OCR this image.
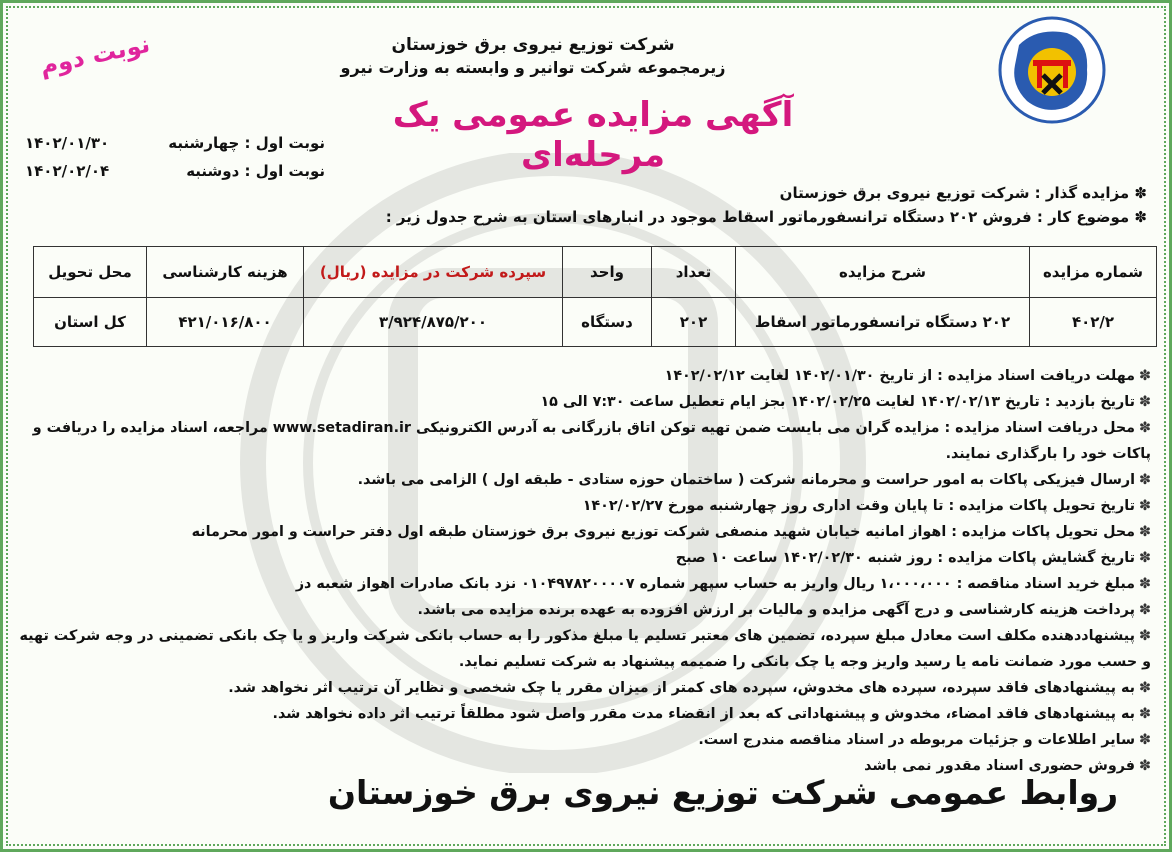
شرکت توزیع نیروی برق خوزستان
زیرمجموعه شرکت توانیر و وابسته به وزارت نیرو
آگهی مزایده عمومی یک مرحله‌ای
نوبت دوم
نوبت اول : چهارشنبه
۱۴۰۲/۰۱/۳۰
نوبت اول : دوشنبه
۱۴۰۲/۰۲/۰۴
✽ مزایده گذار : شرکت توزیع نیروی برق خوزستان
✽ موضوع کار : فروش ۲۰۲ دستگاه ترانسفورماتور اسقاط موجود در انبارهای استان به شرح جدول زیر :
شماره مزایده	شرح مزایده	تعداد	واحد	سپرده شرکت در مزایده (ریال)	هزینه کارشناسی	محل تحویل
۴۰۲/۲	۲۰۲ دستگاه ترانسفورماتور اسقاط	۲۰۲	دستگاه	۳/۹۲۴/۸۷۵/۲۰۰	۴۲۱/۰۱۶/۸۰۰	کل استان
✽مهلت دریافت اسناد مزایده : از تاریخ ۱۴۰۲/۰۱/۳۰ لغایت ۱۴۰۲/۰۲/۱۲
✽تاریخ بازدید : تاریخ ۱۴۰۲/۰۲/۱۳ لغایت ۱۴۰۲/۰۲/۲۵ بجز ایام تعطیل ساعت ۷:۳۰ الی ۱۵
✽محل دریافت اسناد مزایده : مزایده گران می بایست ضمن تهیه توکن اتاق بازرگانی به آدرس الکترونیکی www.setadiran.ir مراجعه، اسناد مزایده را دریافت و پاکات خود را بارگذاری نمایند.
✽ارسال فیزیکی پاکات به امور حراست و محرمانه شرکت ( ساختمان حوزه ستادی - طبقه اول ) الزامی می باشد.
✽تاریخ تحویل پاکات مزایده : تا پایان وقت اداری روز چهارشنبه مورخ ۱۴۰۲/۰۲/۲۷
✽محل تحویل پاکات مزایده : اهواز امانیه خیابان شهید منصفی شرکت توزیع نیروی برق خوزستان طبقه اول دفتر حراست و امور محرمانه
✽تاریخ گشایش پاکات مزایده : روز شنبه ۱۴۰۲/۰۲/۳۰ ساعت ۱۰ صبح
✽مبلغ خرید اسناد مناقصه : ۱،۰۰۰،۰۰۰ ریال واریز به حساب سپهر شماره ۰۱۰۴۹۷۸۲۰۰۰۰۷ نزد بانک صادرات اهواز شعبه دز
✽پرداخت هزینه کارشناسی و درج آگهی مزایده و مالیات بر ارزش افزوده به عهده برنده مزایده می باشد.
✽پیشنهاددهنده مکلف است معادل مبلغ سپرده، تضمین های معتبر تسلیم یا مبلغ مذکور را به حساب بانکی شرکت واریز و یا چک بانکی تضمینی در وجه شرکت تهیه و حسب مورد ضمانت نامه یا رسید واریز وجه یا چک بانکی را ضمیمه پیشنهاد به شرکت تسلیم نماید.
✽به پیشنهادهای فاقد سپرده، سپرده های مخدوش، سپرده های کمتر از میزان مقرر یا چک شخصی و نظایر آن ترتیب اثر نخواهد شد.
✽به پیشنهادهای فاقد امضاء، مخدوش و پیشنهاداتی که بعد از انقضاء مدت مقرر واصل شود مطلقاً ترتیب اثر داده نخواهد شد.
✽سایر اطلاعات و جزئیات مربوطه در اسناد مناقصه مندرج است.
✽فروش حضوری اسناد مقدور نمی باشد
روابط عمومی شرکت توزیع نیروی برق خوزستان
